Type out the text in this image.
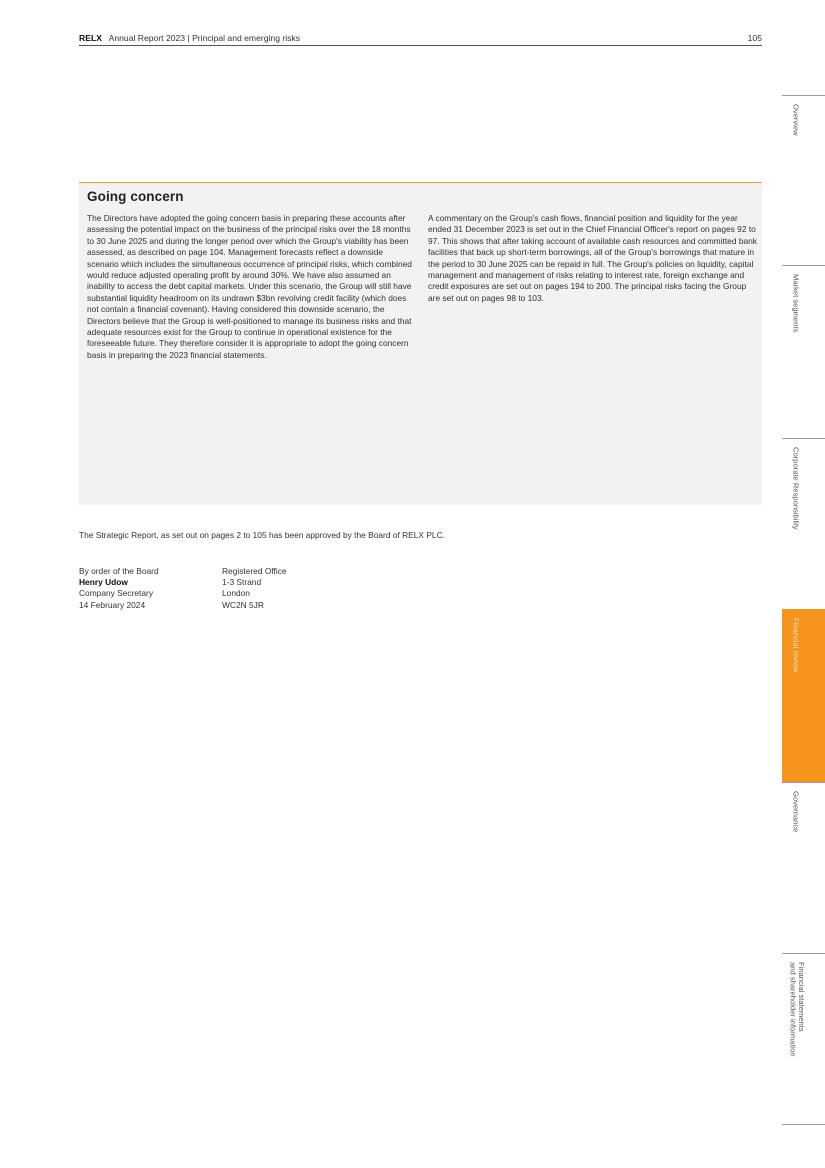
RELX Annual Report 2023 | Principal and emerging risks	105
Going concern
The Directors have adopted the going concern basis in preparing these accounts after assessing the potential impact on the business of the principal risks over the 18 months to 30 June 2025 and during the longer period over which the Group's viability has been assessed, as described on page 104. Management forecasts reflect a downside scenario which includes the simultaneous occurrence of principal risks, which combined would reduce adjusted operating profit by around 30%. We have also assumed an inability to access the debt capital markets. Under this scenario, the Group will still have substantial liquidity headroom on its undrawn $3bn revolving credit facility (which does not contain a financial covenant). Having considered this downside scenario, the Directors believe that the Group is well-positioned to manage its business risks and that adequate resources exist for the Group to continue in operational existence for the foreseeable future. They therefore consider it is appropriate to adopt the going concern basis in preparing the 2023 financial statements.
A commentary on the Group's cash flows, financial position and liquidity for the year ended 31 December 2023 is set out in the Chief Financial Officer's report on pages 92 to 97. This shows that after taking account of available cash resources and committed bank facilities that back up short-term borrowings, all of the Group's borrowings that mature in the period to 30 June 2025 can be repaid in full. The Group's policies on liquidity, capital management and management of risks relating to interest rate, foreign exchange and credit exposures are set out on pages 194 to 200. The principal risks facing the Group are set out on pages 98 to 103.
The Strategic Report, as set out on pages 2 to 105 has been approved by the Board of RELX PLC.
By order of the Board
Henry Udow
Company Secretary
14 February 2024
Registered Office
1-3 Strand
London
WC2N 5JR
Overview
Market segments
Corporate Responsibility
Financial review
Governance
Financial statements
and shareholder information
